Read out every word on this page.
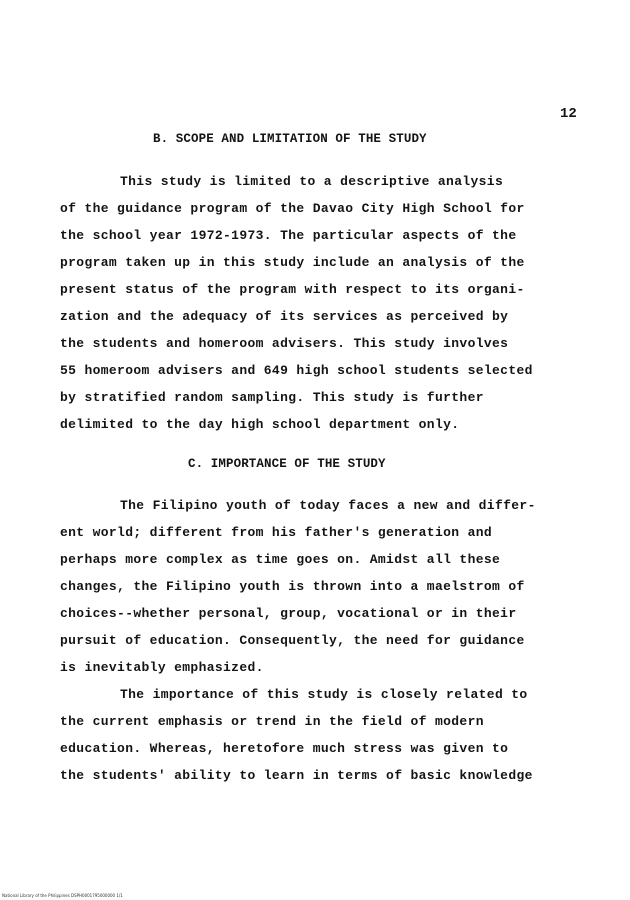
12
B. SCOPE AND LIMITATION OF THE STUDY
This study is limited to a descriptive analysis
of the guidance program of the Davao City High School for
the school year 1972-1973. The particular aspects of the
program taken up in this study include an analysis of the
present status of the program with respect to its organi-
zation and the adequacy of its services as perceived by
the students and homeroom advisers. This study involves
55 homeroom advisers and 649 high school students selected
by stratified random sampling. This study is further
delimited to the day high school department only.
C. IMPORTANCE OF THE STUDY
The Filipino youth of today faces a new and differ-
ent world; different from his father's generation and
perhaps more complex as time goes on. Amidst all these
changes, the Filipino youth is thrown into a maelstrom of
choices--whether personal, group, vocational or in their
pursuit of education. Consequently, the need for guidance
is inevitably emphasized.
The importance of this study is closely related to
the current emphasis or trend in the field of modern
education. Whereas, heretofore much stress was given to
the students' ability to learn in terms of basic knowledge
National Library of the Philippines DSPH0001795000000 1/1
